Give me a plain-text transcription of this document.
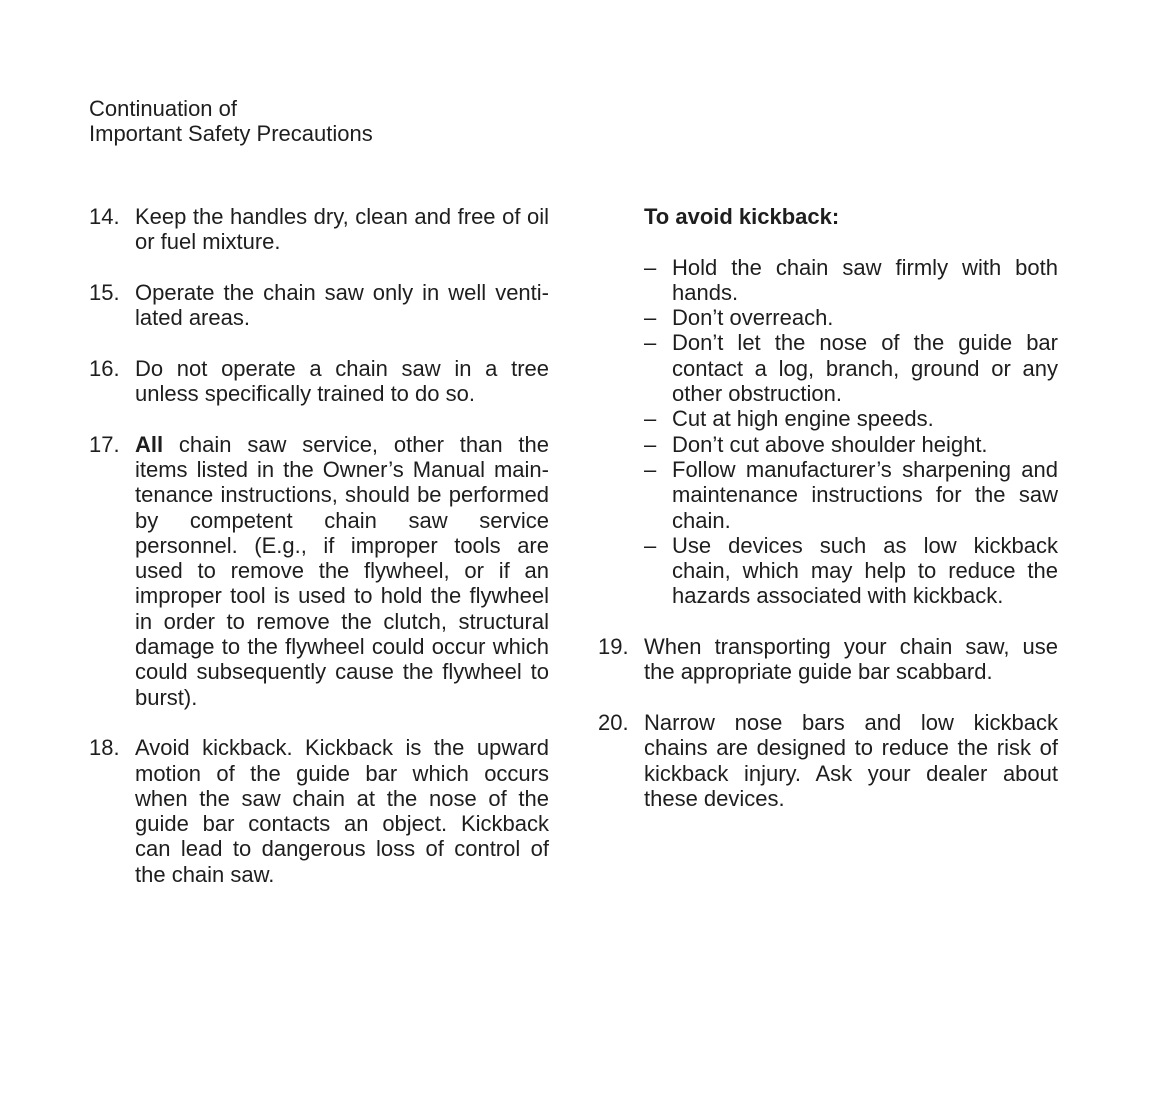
Continuation of
Important Safety Precautions
14. Keep the handles dry, clean and free of oil or fuel mixture.
15. Operate the chain saw only in well ventilated areas.
16. Do not operate a chain saw in a tree unless specifically trained to do so.
17. All chain saw service, other than the items listed in the Owner’s Manual maintenance instructions, should be performed by competent chain saw service personnel. (E.g., if improper tools are used to remove the flywheel, or if an improper tool is used to hold the flywheel in order to remove the clutch, structural damage to the flywheel could occur which could subsequently cause the flywheel to burst).
18. Avoid kickback. Kickback is the upward motion of the guide bar which occurs when the saw chain at the nose of the guide bar contacts an object. Kickback can lead to dangerous loss of control of the chain saw.
To avoid kickback:
– Hold the chain saw firmly with both hands.
– Don’t overreach.
– Don’t let the nose of the guide bar contact a log, branch, ground or any other obstruction.
– Cut at high engine speeds.
– Don’t cut above shoulder height.
– Follow manufacturer’s sharpening and maintenance instructions for the saw chain.
– Use devices such as low kickback chain, which may help to reduce the hazards associated with kickback.
19. When transporting your chain saw, use the appropriate guide bar scabbard.
20. Narrow nose bars and low kickback chains are designed to reduce the risk of kickback injury. Ask your dealer about these devices.
